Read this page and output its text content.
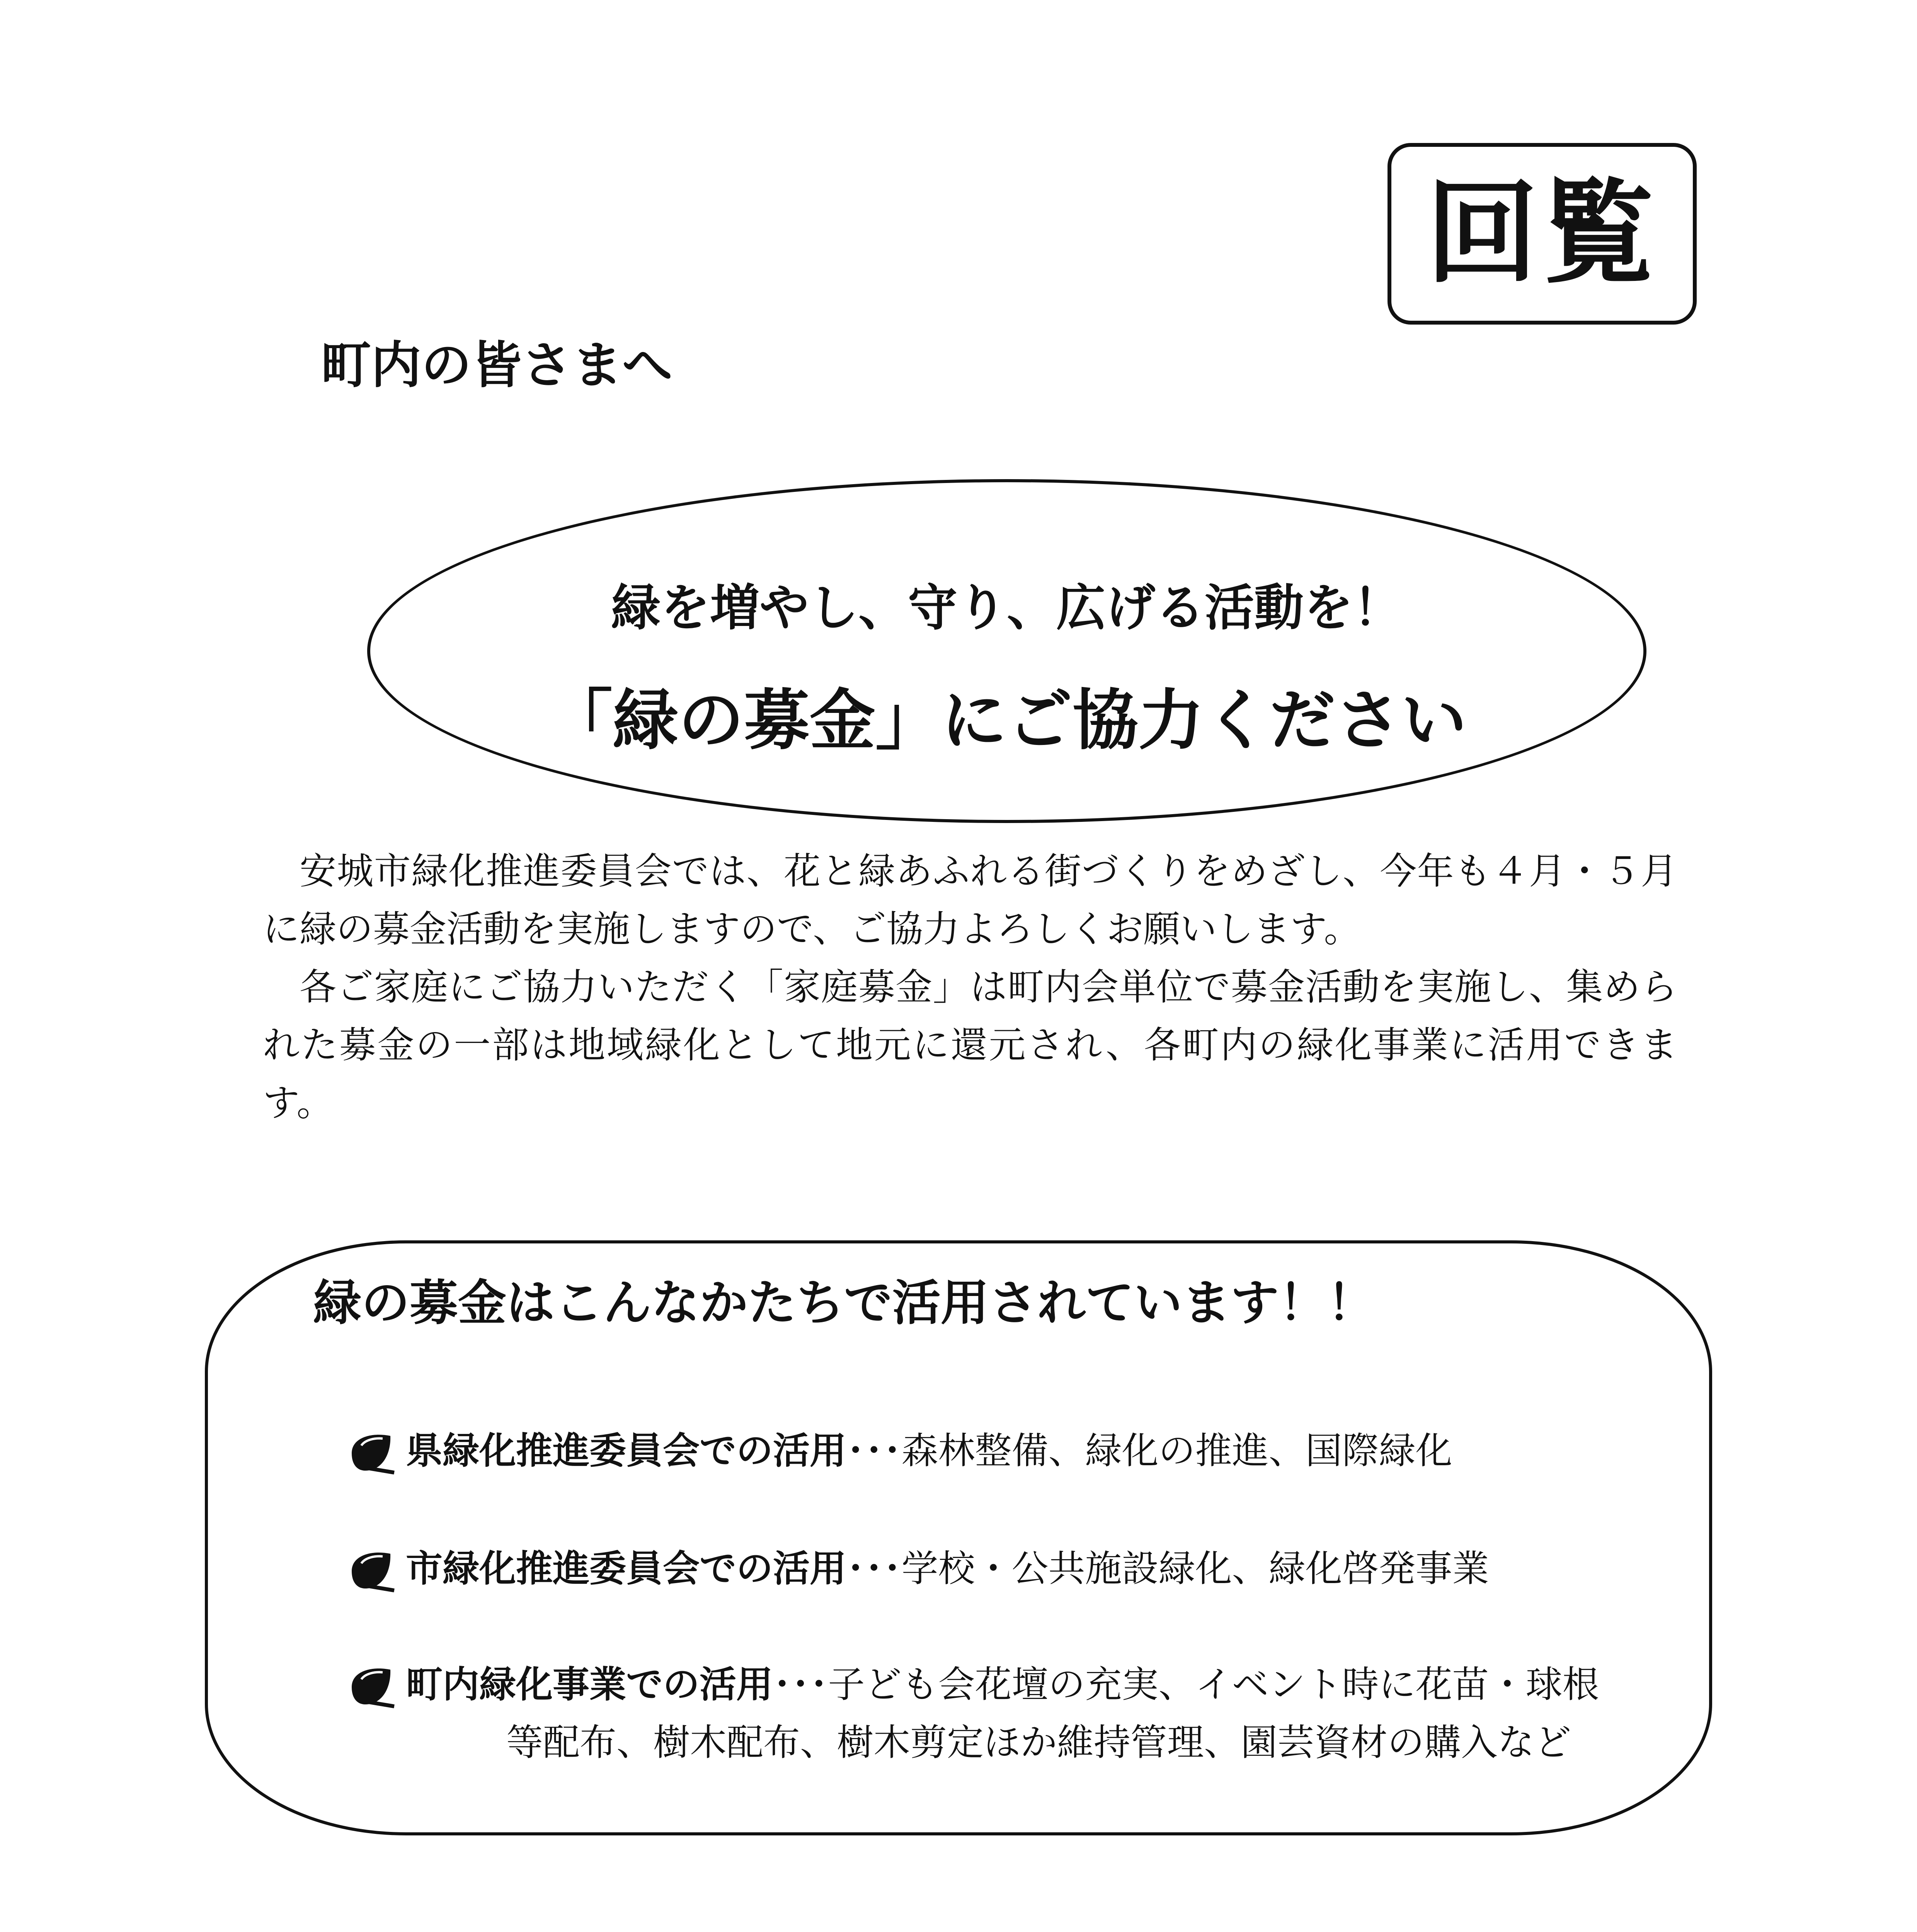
回覧
町内の皆さまへ
緑を増やし、守り、広げる活動を！
「緑の募金」にご協力ください

安城市緑化推進委員会では、花と緑あふれる街づくりをめざし、今年も４月・５月に緑の募金活動を実施しますので、ご協力よろしくお願いします。

各ご家庭にご協力いただく「家庭募金」は町内会単位で募金活動を実施し、集められた募金の一部は地域緑化として地元に還元され、各町内の緑化事業に活用できます。

緑の募金はこんなかたちで活用されています！！
県緑化推進委員会での活用･･･森林整備、緑化の推進、国際緑化
市緑化推進委員会での活用･･･学校・公共施設緑化、緑化啓発事業
町内緑化事業での活用･･･子ども会花壇の充実、イベント時に花苗・球根
等配布、樹木配布、樹木剪定ほか維持管理、園芸資材の購入など
